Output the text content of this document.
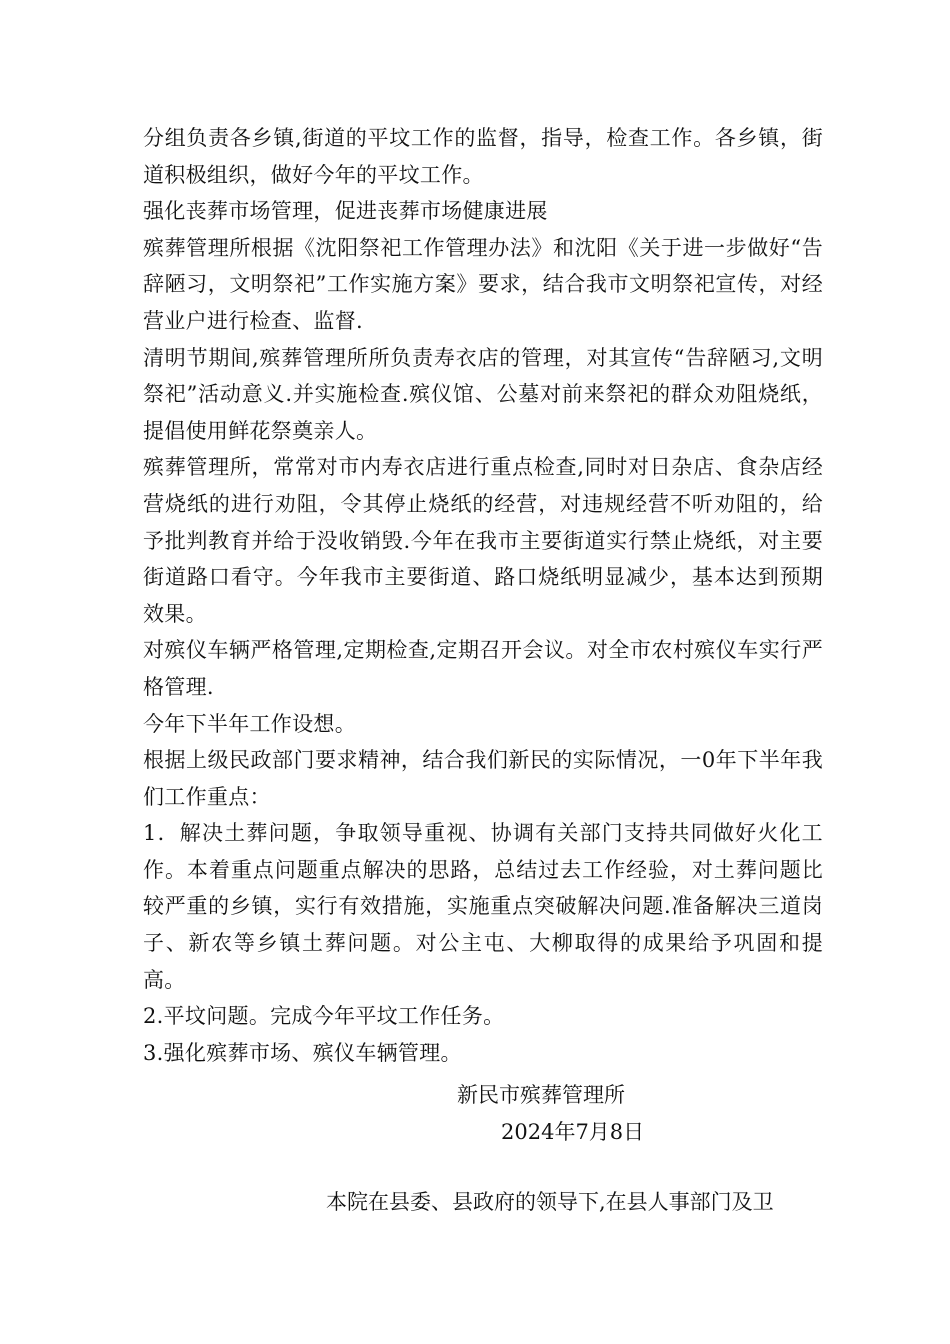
分组负责各乡镇,街道的平坟工作的监督，指导，检查工作。各乡镇，街道积极组织，做好今年的平坟工作。

强化丧葬市场管理，促进丧葬市场健康进展

殡葬管理所根据《沈阳祭祀工作管理办法》和沈阳《关于进一步做好“告辞陋习，文明祭祀”工作实施方案》要求，结合我市文明祭祀宣传，对经营业户进行检查、监督.

清明节期间,殡葬管理所所负责寿衣店的管理，对其宣传“告辞陋习,文明祭祀”活动意义.并实施检查.殡仪馆、公墓对前来祭祀的群众劝阻烧纸，提倡使用鲜花祭奠亲人。

殡葬管理所，常常对市内寿衣店进行重点检查,同时对日杂店、食杂店经营烧纸的进行劝阻，令其停止烧纸的经营，对违规经营不听劝阻的，给予批判教育并给于没收销毁.今年在我市主要街道实行禁止烧纸，对主要街道路口看守。今年我市主要街道、路口烧纸明显减少，基本达到预期效果。

对殡仪车辆严格管理,定期检查,定期召开会议。对全市农村殡仪车实行严格管理.

今年下半年工作设想。

根据上级民政部门要求精神，结合我们新民的实际情况，一0年下半年我们工作重点：

1．解决土葬问题，争取领导重视、协调有关部门支持共同做好火化工作。本着重点问题重点解决的思路，总结过去工作经验，对土葬问题比较严重的乡镇，实行有效措施，实施重点突破解决问题.准备解决三道岗子、新农等乡镇土葬问题。对公主屯、大柳取得的成果给予巩固和提高。

2.平坟问题。完成今年平坟工作任务。

3.强化殡葬市场、殡仪车辆管理。

新民市殡葬管理所
2024年7月8日
本院在县委、县政府的领导下,在县人事部门及卫
